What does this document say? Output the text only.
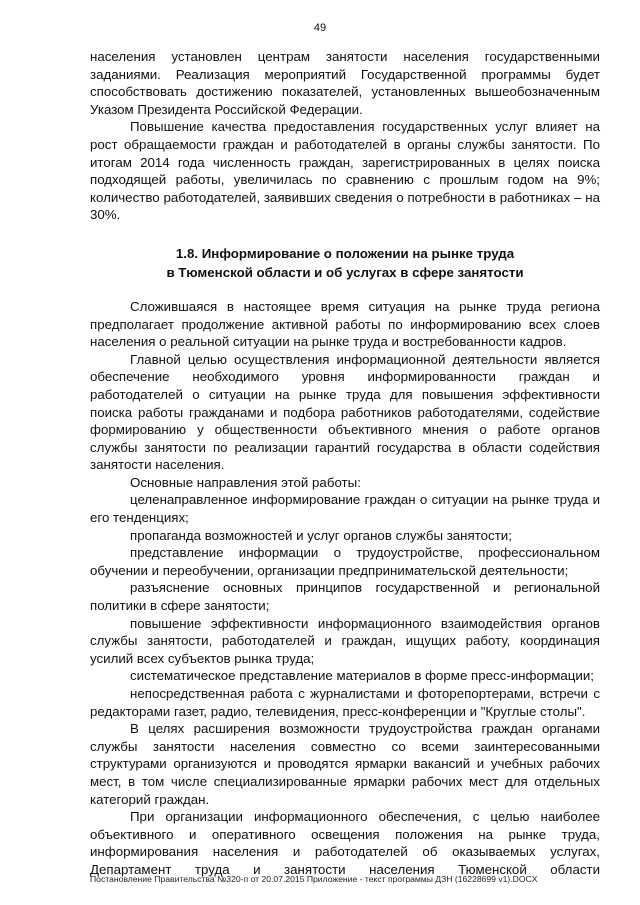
49

населения установлен центрам занятости населения государственными заданиями. Реализация мероприятий Государственной программы будет способствовать достижению показателей, установленных вышеобозначенным Указом Президента Российской Федерации.

Повышение качества предоставления государственных услуг влияет на рост обращаемости граждан и работодателей в органы службы занятости. По итогам 2014 года численность граждан, зарегистрированных в целях поиска подходящей работы, увеличилась по сравнению с прошлым годом на 9%; количество работодателей, заявивших сведения о потребности в работниках – на 30%.

1.8. Информирование о положении на рынке труда
в Тюменской области и об услугах в сфере занятости

Сложившаяся в настоящее время ситуация на рынке труда региона предполагает продолжение активной работы по информированию всех слоев населения о реальной ситуации на рынке труда и востребованности кадров.

Главной целью осуществления информационной деятельности является обеспечение необходимого уровня информированности граждан и работодателей о ситуации на рынке труда для повышения эффективности поиска работы гражданами и подбора работников работодателями, содействие формированию у общественности объективного мнения о работе органов службы занятости по реализации гарантий государства в области содействия занятости населения.

Основные направления этой работы:

целенаправленное информирование граждан о ситуации на рынке труда и его тенденциях;

пропаганда возможностей и услуг органов службы занятости;

представление информации о трудоустройстве, профессиональном обучении и переобучении, организации предпринимательской деятельности;

разъяснение основных принципов государственной и региональной политики в сфере занятости;

повышение эффективности информационного взаимодействия органов службы занятости, работодателей и граждан, ищущих работу, координация усилий всех субъектов рынка труда;

систематическое представление материалов в форме пресс-информации;

непосредственная работа с журналистами и фоторепортерами, встречи с редакторами газет, радио, телевидения, пресс-конференции и "Круглые столы".

В целях расширения возможности трудоустройства граждан органами службы занятости населения совместно со всеми заинтересованными структурами организуются и проводятся ярмарки вакансий и учебных рабочих мест, в том числе специализированные ярмарки рабочих мест для отдельных категорий граждан.

При организации информационного обеспечения, с целью наиболее объективного и оперативного освещения положения на рынке труда, информирования населения и работодателей об оказываемых услугах, Департамент труда и занятости населения Тюменской области

Постановление Правительства №320-п от 20.07.2015 Приложение - текст программы ДЗН (16228699 v1).DOCX
